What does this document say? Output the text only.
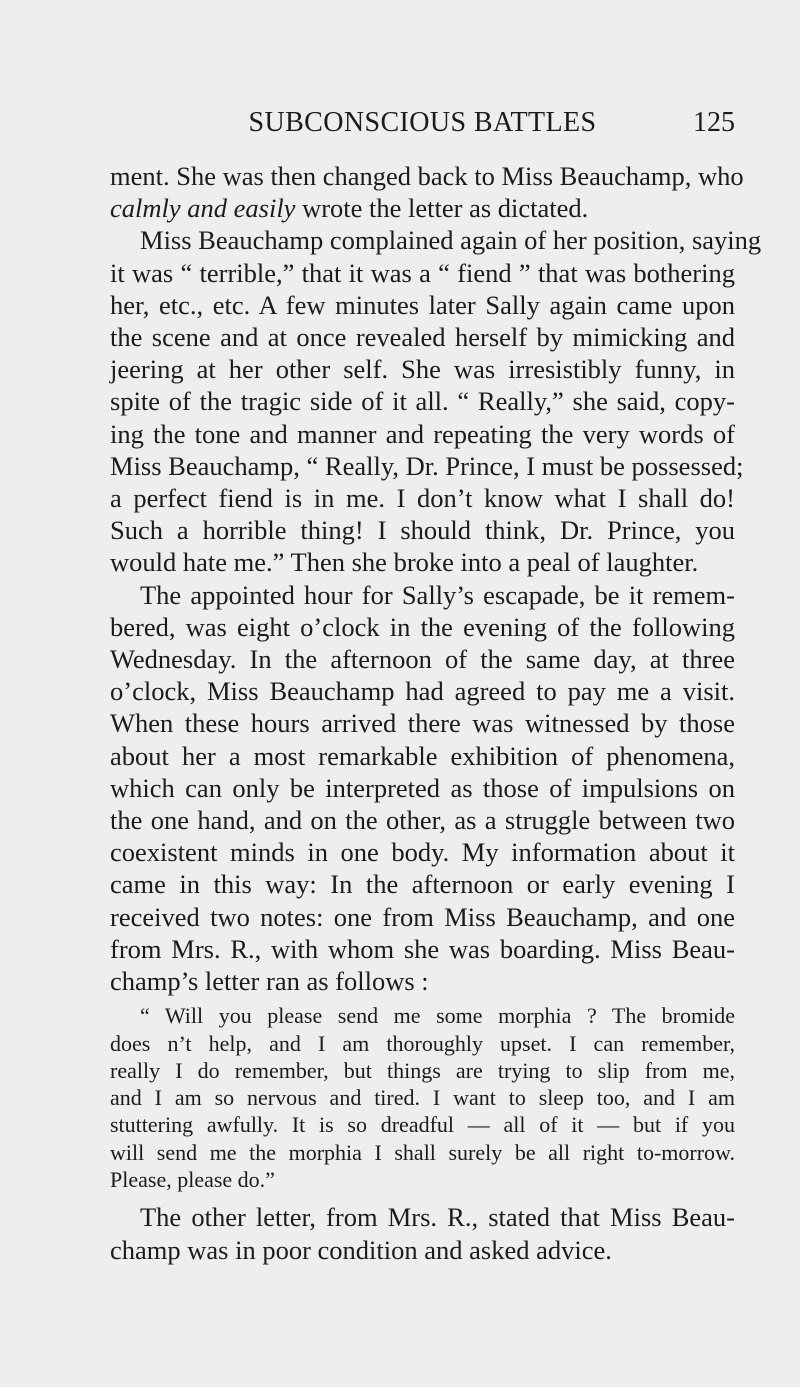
SUBCONSCIOUS BATTLES	125
ment. She was then changed back to Miss Beauchamp, who
calmly and easily wrote the letter as dictated.
Miss Beauchamp complained again of her position, saying
it was “ terrible,” that it was a “ fiend ” that was bothering
her, etc., etc. A few minutes later Sally again came upon
the scene and at once revealed herself by mimicking and
jeering at her other self. She was irresistibly funny, in
spite of the tragic side of it all. “ Really,” she said, copy-
ing the tone and manner and repeating the very words of
Miss Beauchamp, “ Really, Dr. Prince, I must be possessed;
a perfect fiend is in me. I don’t know what I shall do!
Such a horrible thing! I should think, Dr. Prince, you
would hate me.” Then she broke into a peal of laughter.
The appointed hour for Sally’s escapade, be it remem-
bered, was eight o’clock in the evening of the following
Wednesday. In the afternoon of the same day, at three
o’clock, Miss Beauchamp had agreed to pay me a visit.
When these hours arrived there was witnessed by those
about her a most remarkable exhibition of phenomena,
which can only be interpreted as those of impulsions on
the one hand, and on the other, as a struggle between two
coexistent minds in one body. My information about it
came in this way: In the afternoon or early evening I
received two notes: one from Miss Beauchamp, and one
from Mrs. R., with whom she was boarding. Miss Beau-
champ’s letter ran as follows :
“ Will you please send me some morphia ? The bromide
does n’t help, and I am thoroughly upset. I can remember,
really I do remember, but things are trying to slip from me,
and I am so nervous and tired. I want to sleep too, and I am
stuttering awfully. It is so dreadful — all of it — but if you
will send me the morphia I shall surely be all right to-morrow.
Please, please do.”
The other letter, from Mrs. R., stated that Miss Beau-
champ was in poor condition and asked advice.
